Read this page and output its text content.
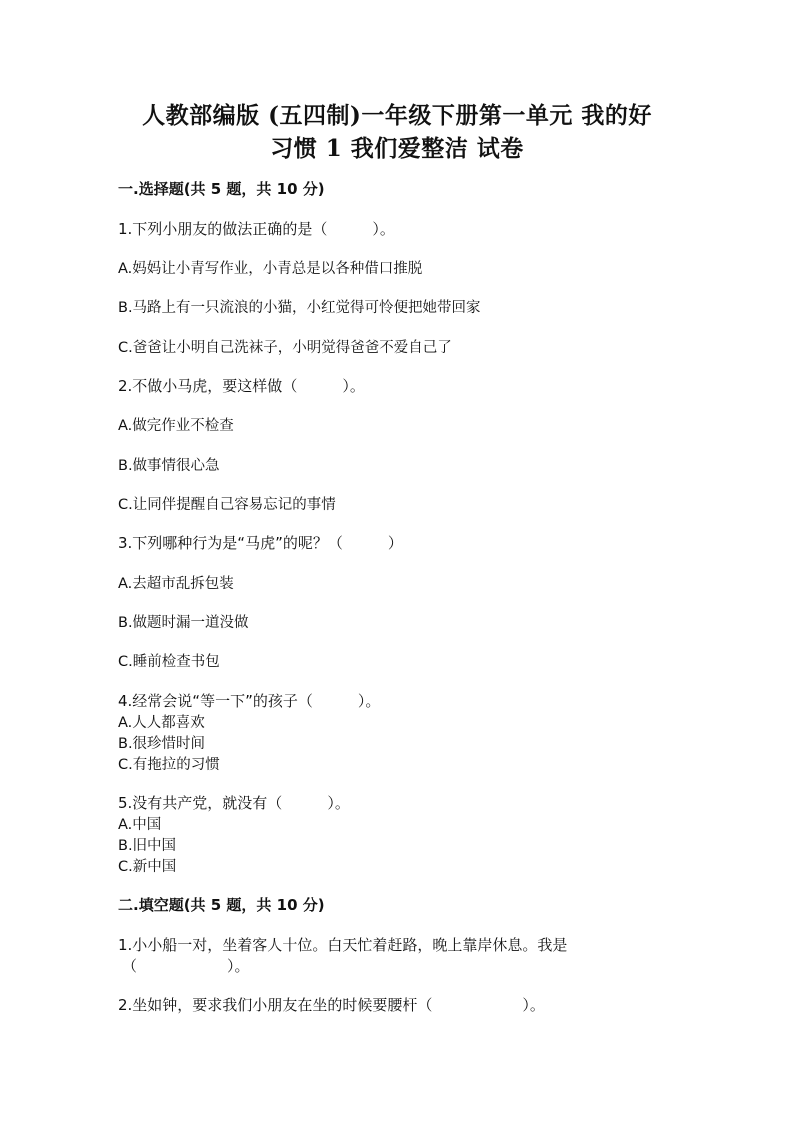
人教部编版 (五四制)一年级下册第一单元 我的好
习惯 1 我们爱整洁 试卷
一.选择题(共 5 题，共 10 分)
1.下列小朋友的做法正确的是（　　　）。
A.妈妈让小青写作业，小青总是以各种借口推脱
B.马路上有一只流浪的小猫，小红觉得可怜便把她带回家
C.爸爸让小明自己洗袜子，小明觉得爸爸不爱自己了
2.不做小马虎，要这样做（　　　）。
A.做完作业不检查
B.做事情很心急
C.让同伴提醒自己容易忘记的事情
3.下列哪种行为是“马虎”的呢？（　　　）
A.去超市乱拆包装
B.做题时漏一道没做
C.睡前检查书包
4.经常会说“等一下”的孩子（　　　）。
A.人人都喜欢
B.很珍惜时间
C.有拖拉的习惯
5.没有共产党，就没有（　　　）。
A.中国
B.旧中国
C.新中国
二.填空题(共 5 题，共 10 分)
1.小小船一对，坐着客人十位。白天忙着赶路，晚上靠岸休息。我是
（　　　　　　）。
2.坐如钟，要求我们小朋友在坐的时候要腰杆（　　　　　　）。
